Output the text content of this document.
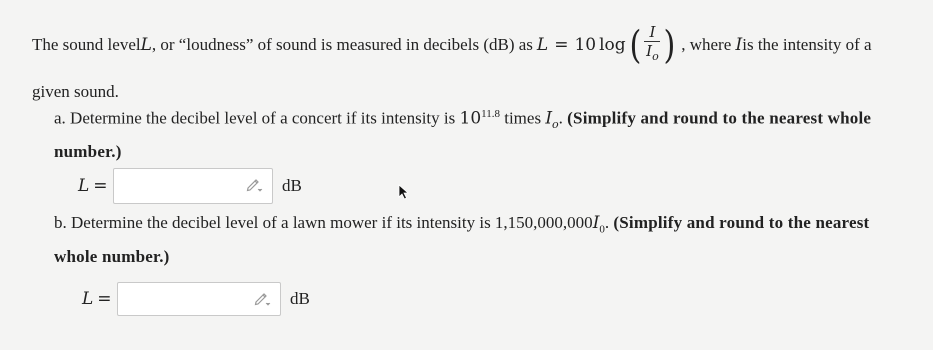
The sound level L , or “loudness” of sound is measured in decibels (dB) as L = 10 log ( $\frac{I}{I_o}$ ) , where
I is the intensity of a
given sound.
a. Determine the decibel level of a concert if its intensity is $10^{11.8}$ times $I_o$. (Simplify and round to the nearest whole number.)
L =	dB
b. Determine the decibel level of a lawn mower if its intensity is $1,150,000,000I_0$. (Simplify and round to the nearest whole number.)
L =	dB
